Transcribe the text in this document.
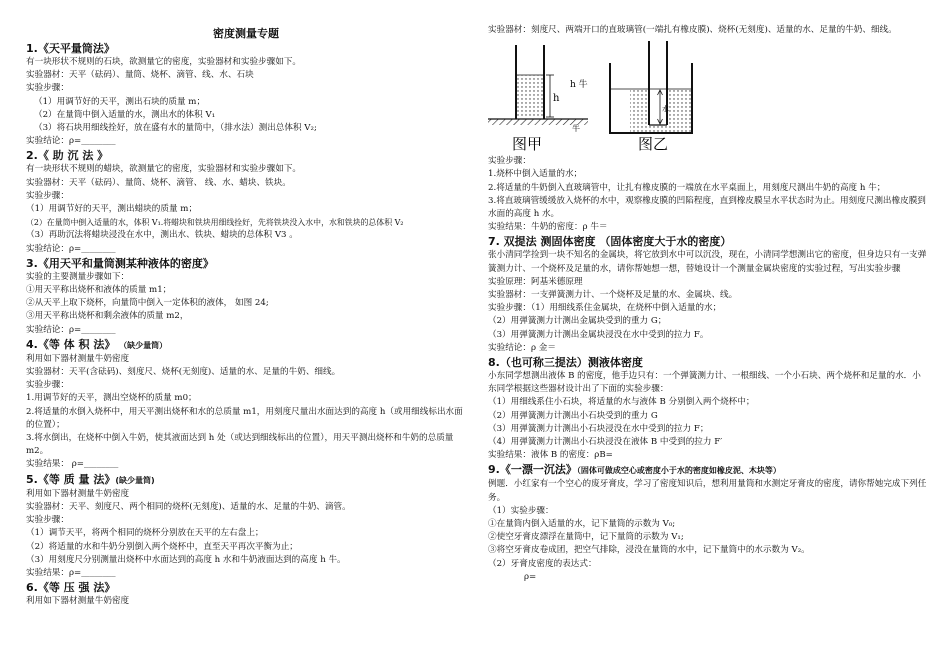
密度测量专题
1.《天平量筒法》
有一块形状不规则的石块，欲测量它的密度，实验器材和实验步骤如下。
实验器材：天平（砝码）、量筒、烧杯、滴管、线、水、石块
实验步骤：
（1）用调节好的天平，测出石块的质量 m；
（2）在量筒中倒入适量的水，测出水的体积 V₁
（3）将石块用细线拴好，放在盛有水的量筒中，（排水法）测出总体积 V₂;
实验结论：ρ=________
2.《 助 沉 法 》
有一块形状不规则的蜡块，欲测量它的密度，实验器材和实验步骤如下。
实验器材：天平（砝码）、量筒、烧杯、滴管、 线、水、蜡块、铁块。
实验步骤：
（1）用调节好的天平，测出蜡块的质量 m；
（2）在量筒中倒入适量的水，体积 V₁.将蜡块和铁块用细线拴好，先将铁块没入水中，水和铁块的总体积 V₂
（3）再助沉法将蜡块浸没在水中，测出水、铁块、蜡块的总体积 V3 。
实验结论：ρ=________
3.《用天平和量筒测某种液体的密度》
实验的主要测量步骤如下：
①用天平称出烧杯和液体的质量 m1；
②从天平上取下烧杯，向量筒中倒入一定体积的液体， 如图 24;
③用天平称出烧杯和剩余液体的质量 m2，
实验结论：ρ=________
4.《等 体 积 法》 （缺少量筒）
利用如下器材测量牛奶密度
实验器材：天平(含砝码)、刻度尺、烧杯(无刻度)、适量的水、足量的牛奶、细线。
实验步骤：
1.用调节好的天平，测出空烧杯的质量 m0；
2.将适量的水倒入烧杯中，用天平测出烧杯和水的总质量 m1，用刻度尺量出水面达到的高度 h（或用细线标出水面的位置）；
3.将水倒出，在烧杯中倒入牛奶，使其液面达到 h 处（或达到细线标出的位置），用天平测出烧杯和牛奶的总质量 m2。
实验结果： ρ=________
5.《等 质 量 法》(缺少量筒)
利用如下器材测量牛奶密度
实验器材：天平、刻度尺、两个相同的烧杯(无刻度)、适量的水、足量的牛奶、滴管。
实验步骤：
（1）调节天平，将两个相同的烧杯分别放在天平的左右盘上；
（2）将适量的水和牛奶分别倒入两个烧杯中，直至天平再次平衡为止；
（3）用刻度尺分别测量出烧杯中水面达到的高度 h 水和牛奶液面达到的高度 h 牛。
实验结果：ρ=________
6.《等 压 强 法》
利用如下器材测量牛奶密度
实验器材：刻度尺、两端开口的直玻璃管(一端扎有橡皮膜)、烧杯(无刻度)、适量的水、足量的牛奶、细线。
h
h 牛
牛
图甲
水
图乙
实验步骤：
1.烧杯中倒入适量的水；
2.将适量的牛奶倒入直玻璃管中，让扎有橡皮膜的一端放在水平桌面上，用刻度尺测出牛奶的高度 h 牛；
3.将直玻璃管缓缓放入烧杯的水中，观察橡皮膜的凹陷程度，直到橡皮膜呈水平状态时为止。用刻度尺测出橡皮膜到水面的高度 h 水。
实验结果：牛奶的密度：ρ 牛＝
7. 双提法 测固体密度 （固体密度大于水的密度）
张小清同学捡到一块不知名的金属块，将它放到水中可以沉没，现在，小清同学想测出它的密度，但身边只有一支弹簧测力计、一个烧杯及足量的水，请你帮她想一想，替她设计一个测量金属块密度的实验过程，写出实验步骤
实验原理：阿基米德原理
实验器材：一支弹簧测力计、一个烧杯及足量的水、金属块、线。
实验步骤：（1）用细线系住金属块，在烧杯中倒入适量的水；
（2）用弹簧测力计测出金属块受到的重力 G；
（3）用弹簧测力计测出金属块浸没在水中受到的拉力 F。
实验结论：ρ 金＝
8.（也可称三提法）测液体密度
小东同学想测出液体 B 的密度，他手边只有：一个弹簧测力计、一根细线、一个小石块、两个烧杯和足量的水．小东同学根据这些器材设计出了下面的实验步骤：
（1）用细线系住小石块，将适量的水与液体 B 分别倒入两个烧杯中；
（2）用弹簧测力计测出小石块受到的重力 G
（3）用弹簧测力计测出小石块浸没在水中受到的拉力 F；
（4）用弹簧测力计测出小石块浸没在液体 B 中受到的拉力 F′
实验结果：液体 B 的密度：ρB=
9.《一漂一沉法》（固体可做成空心或密度小于水的密度如橡皮泥、木块等）
例题．小红家有一个空心的废牙膏皮，学习了密度知识后，想利用量筒和水测定牙膏皮的密度，请你帮她完成下列任务。
（1）实验步骤：
①在量筒内倒入适量的水，记下量筒的示数为 V₀;
②使空牙膏皮漂浮在量筒中，记下量筒的示数为 V₁;
③将空牙膏皮卷成团，把空气排除，浸没在量筒的水中，记下量筒中的水示数为 V₂。
（2）牙膏皮密度的表达式：
ρ=
